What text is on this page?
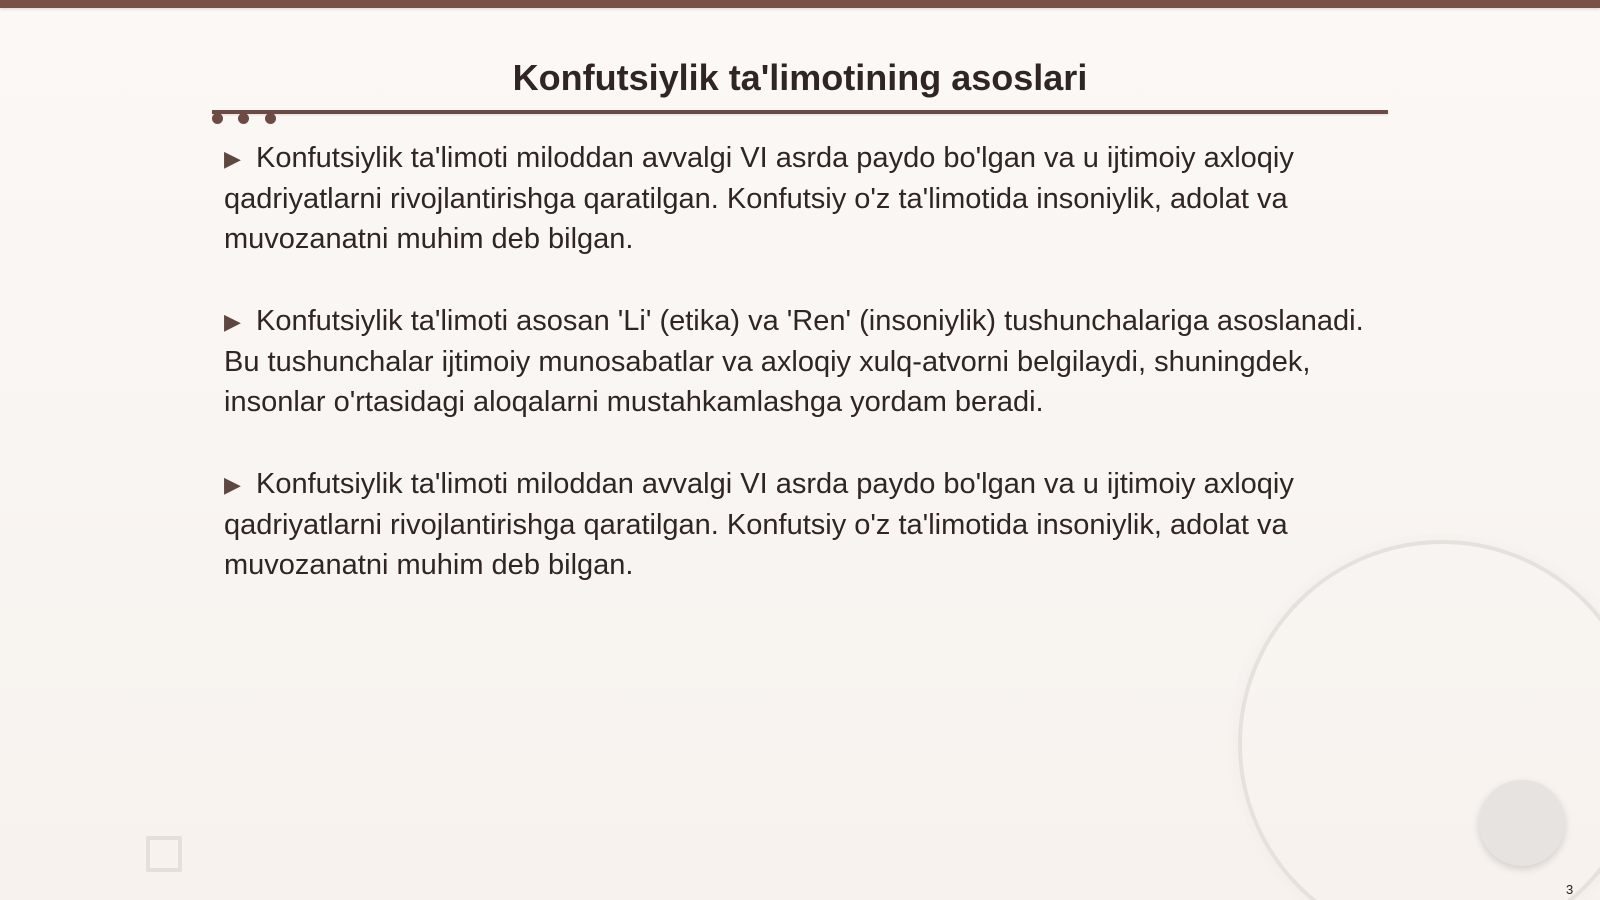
Konfutsiylik ta'limotining asoslari

▶ Konfutsiylik ta'limoti miloddan avvalgi VI asrda paydo bo'lgan va u ijtimoiy axloqiy qadriyatlarni rivojlantirishga qaratilgan. Konfutsiy o'z ta'limotida insoniylik, adolat va muvozanatni muhim deb bilgan.

▶ Konfutsiylik ta'limoti asosan 'Li' (etika) va 'Ren' (insoniylik) tushunchalariga asoslanadi. Bu tushunchalar ijtimoiy munosabatlar va axloqiy xulq-atvorni belgilaydi, shuningdek, insonlar o'rtasidagi aloqalarni mustahkamlashga yordam beradi.

▶ Konfutsiylik ta'limoti miloddan avvalgi VI asrda paydo bo'lgan va u ijtimoiy axloqiy qadriyatlarni rivojlantirishga qaratilgan. Konfutsiy o'z ta'limotida insoniylik, adolat va muvozanatni muhim deb bilgan.

3
